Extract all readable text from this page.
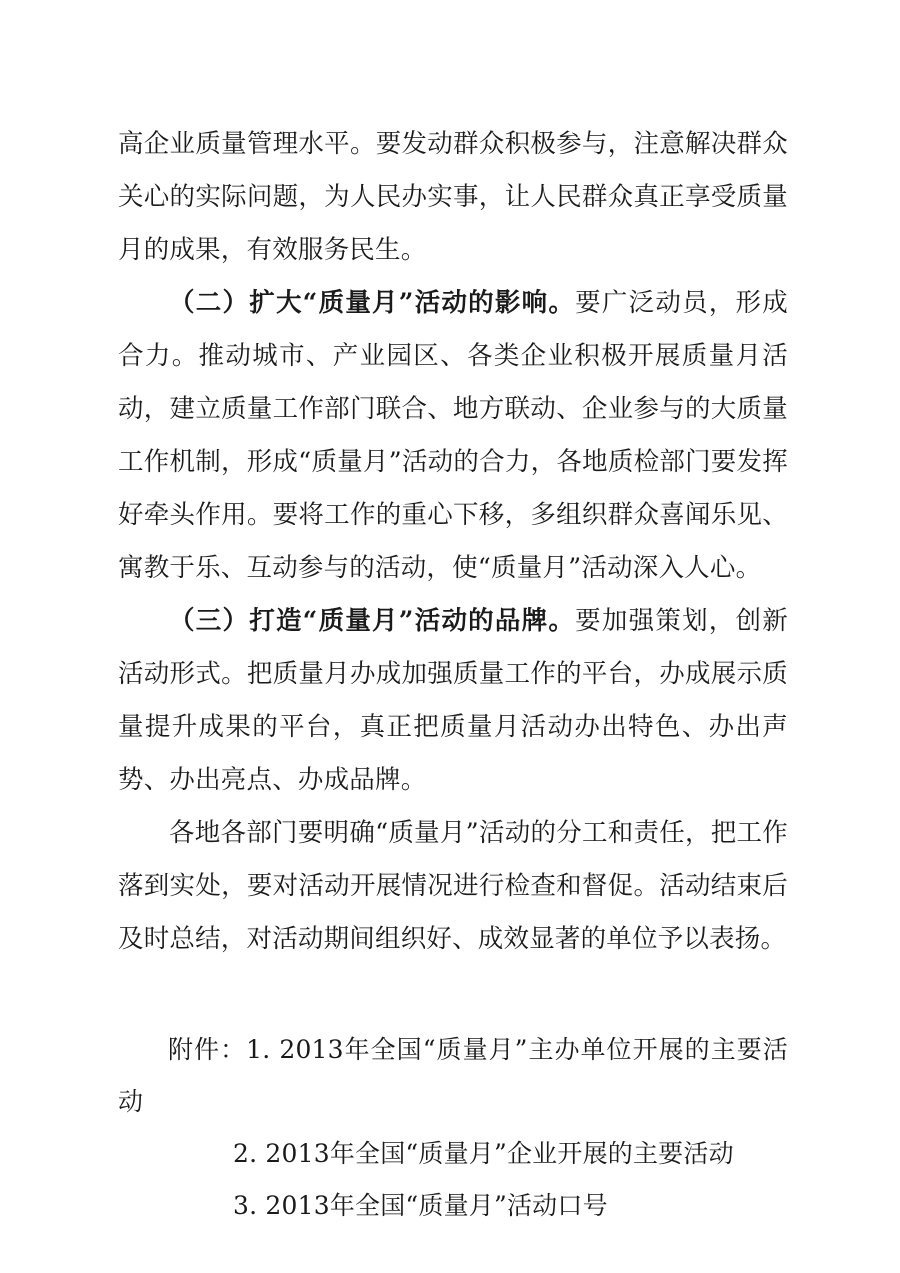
高企业质量管理水平。要发动群众积极参与，注意解决群众关心的实际问题，为人民办实事，让人民群众真正享受质量月的成果，有效服务民生。

（二）扩大“质量月”活动的影响。要广泛动员，形成合力。推动城市、产业园区、各类企业积极开展质量月活动，建立质量工作部门联合、地方联动、企业参与的大质量工作机制，形成“质量月”活动的合力，各地质检部门要发挥好牵头作用。要将工作的重心下移，多组织群众喜闻乐见、寓教于乐、互动参与的活动，使“质量月”活动深入人心。

（三）打造“质量月”活动的品牌。要加强策划，创新活动形式。把质量月办成加强质量工作的平台，办成展示质量提升成果的平台，真正把质量月活动办出特色、办出声势、办出亮点、办成品牌。

各地各部门要明确“质量月”活动的分工和责任，把工作落到实处，要对活动开展情况进行检查和督促。活动结束后及时总结，对活动期间组织好、成效显著的单位予以表扬。

附件：1. 2013年全国“质量月”主办单位开展的主要活动

2. 2013年全国“质量月”企业开展的主要活动

3. 2013年全国“质量月”活动口号
